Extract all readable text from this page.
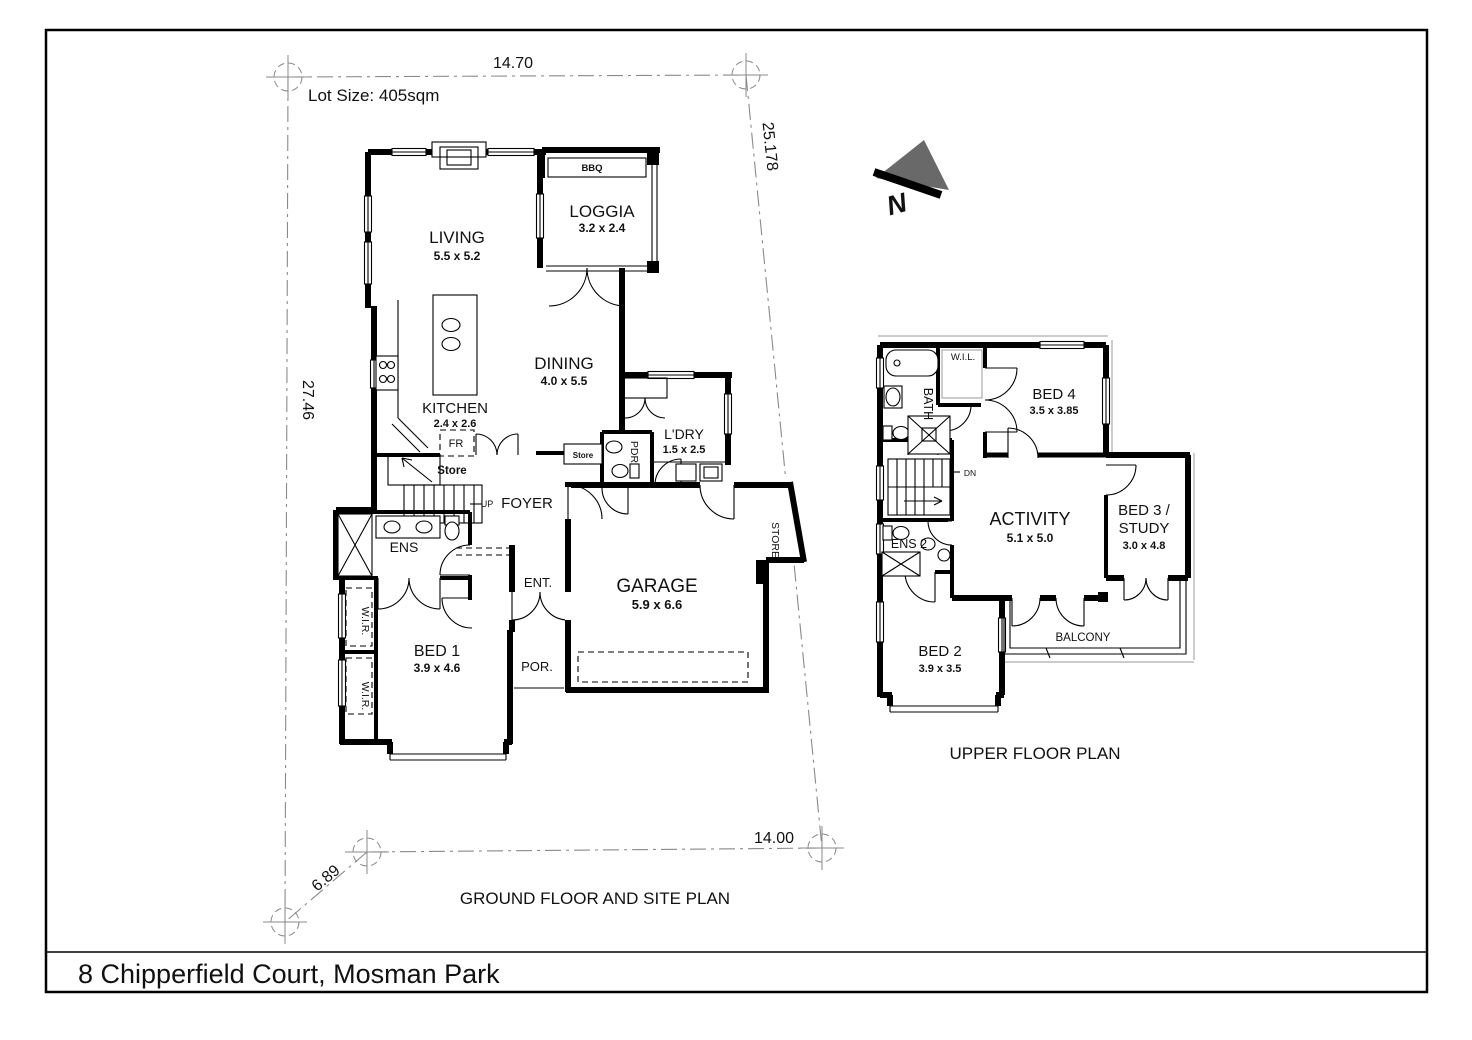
8 Chipperfield Court, Mosman Park
Lot Size: 405sqm
14.70
27.46
25.178
14.00
6.89
N
LIVING
5.5 x 5.2
LOGGIA
3.2 x 2.4
BBQ
DINING
4.0 x 5.5
KITCHEN
2.4 x 2.6
FR
Store
UP FOYER
Store	PDR
L'DRY
1.5 x 2.5
ENS
ENT.	GARAGE
5.9 x 6.6
STORE
BED 1
3.9 x 4.6
W.I.R.
W.I.R.
POR.
GROUND FLOOR AND SITE PLAN
W.I.L.
BATH	BED 4
3.5 x 3.85
DN
ACTIVITY
5.1 x 5.0
BED 3 /
STUDY
3.0 x 4.8
ENS 2
BED 2
3.9 x 3.5
BALCONY
UPPER FLOOR PLAN
